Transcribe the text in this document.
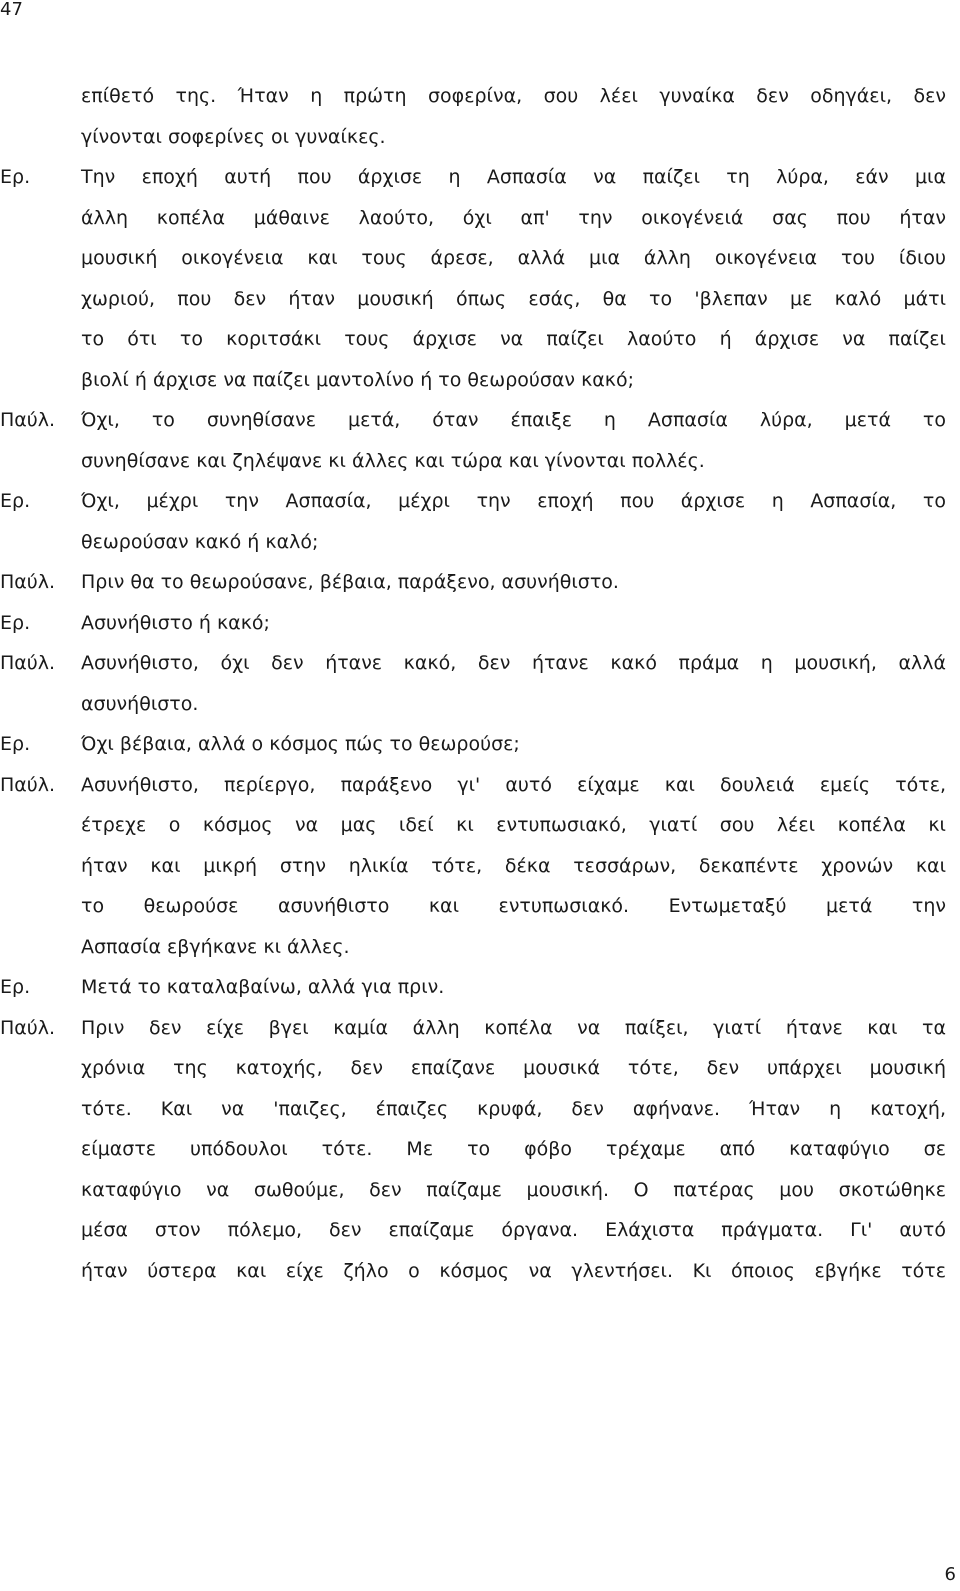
47
επίθετό της. Ήταν η πρώτη σοφερίνα, σου λέει γυναίκα δεν οδηγάει, δεν
γίνονται σοφερίνες οι γυναίκες.
Ερ.	Την εποχή αυτή που άρχισε η Ασπασία να παίζει τη λύρα, εάν μια
άλλη κοπέλα μάθαινε λαούτο, όχι απ' την οικογένειά σας που ήταν
μουσική οικογένεια και τους άρεσε, αλλά μια άλλη οικογένεια του ίδιου
χωριού, που δεν ήταν μουσική όπως εσάς, θα το 'βλεπαν με καλό μάτι
το ότι το κοριτσάκι τους άρχισε να παίζει λαούτο ή άρχισε να παίζει
βιολί ή άρχισε να παίζει μαντολίνο ή το θεωρούσαν κακό;
Παύλ. Όχι, το συνηθίσανε μετά, όταν έπαιξε η Ασπασία λύρα, μετά το
συνηθίσανε και ζηλέψανε κι άλλες και τώρα και γίνονται πολλές.
Ερ.	Όχι, μέχρι την Ασπασία, μέχρι την εποχή που άρχισε η Ασπασία, το
θεωρούσαν κακό ή καλό;
Παύλ. Πριν θα το θεωρούσανε, βέβαια, παράξενο, ασυνήθιστο.
Ερ.	Ασυνήθιστο ή κακό;
Παύλ. Ασυνήθιστο, όχι δεν ήτανε κακό, δεν ήτανε κακό πράμα η μουσική, αλλά
ασυνήθιστο.
Ερ.	Όχι βέβαια, αλλά ο κόσμος πώς το θεωρούσε;
Παύλ. Ασυνήθιστο, περίεργο, παράξενο γι' αυτό είχαμε και δουλειά εμείς τότε,
έτρεχε ο κόσμος να μας ιδεί κι εντυπωσιακό, γιατί σου λέει κοπέλα κι
ήταν και μικρή στην ηλικία τότε, δέκα τεσσάρων, δεκαπέντε χρονών και
το θεωρούσε ασυνήθιστο και εντυπωσιακό. Εντωμεταξύ μετά την
Ασπασία εβγήκανε κι άλλες.
Ερ.	Μετά το καταλαβαίνω, αλλά για πριν.
Παύλ. Πριν δεν είχε βγει καμία άλλη κοπέλα να παίξει, γιατί ήτανε και τα
χρόνια της κατοχής, δεν επαίζανε μουσικά τότε, δεν υπάρχει μουσική
τότε. Και να 'παιζες, έπαιζες κρυφά, δεν αφήνανε. Ήταν η κατοχή,
είμαστε υπόδουλοι τότε. Με το φόβο τρέχαμε από καταφύγιο σε
καταφύγιο να σωθούμε, δεν παίζαμε μουσική. Ο πατέρας μου σκοτώθηκε
μέσα στον πόλεμο, δεν επαίζαμε όργανα. Ελάχιστα πράγματα. Γι' αυτό
ήταν ύστερα και είχε ζήλο ο κόσμος να γλεντήσει. Κι όποιος εβγήκε τότε
6
